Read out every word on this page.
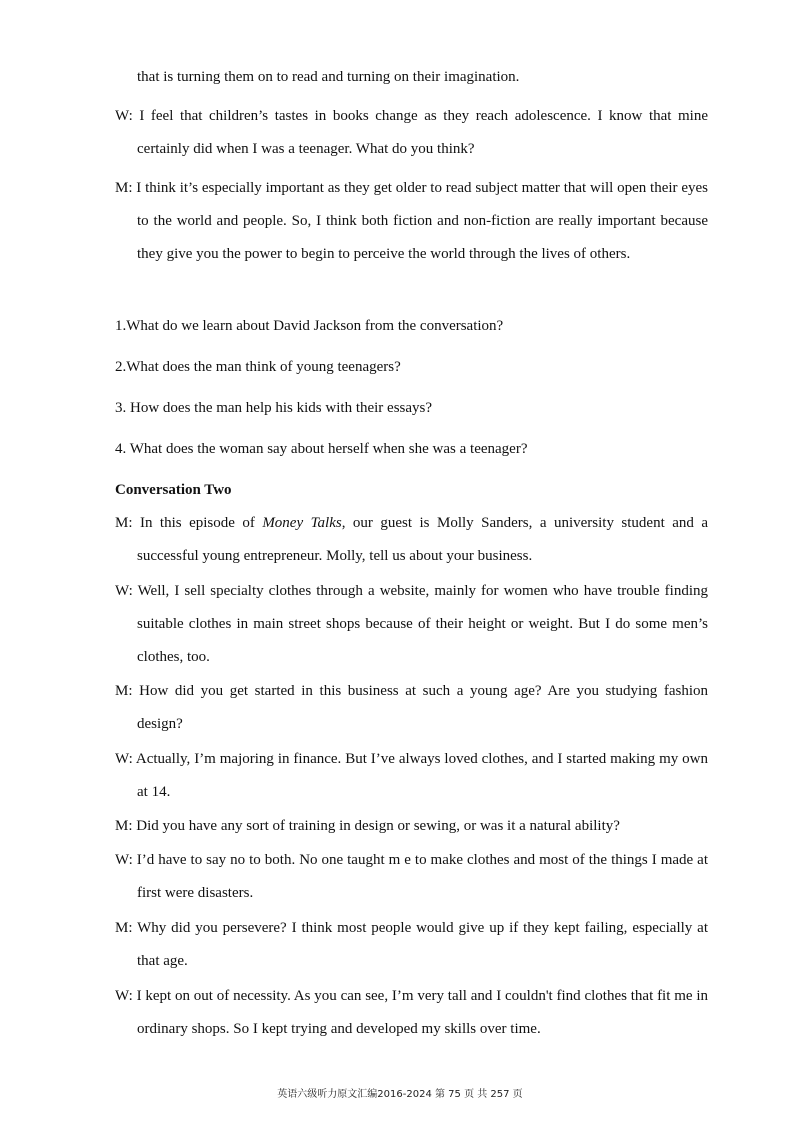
that is turning them on to read and turning on their imagination.

W: I feel that children’s tastes in books change as they reach adolescence. I know that mine certainly did when I was a teenager. What do you think?

M: I think it’s especially important as they get older to read subject matter that will open their eyes to the world and people. So, I think both fiction and non-fiction are really important because they give you the power to begin to perceive the world through the lives of others.

1.What do we learn about David Jackson from the conversation?

2.What does the man think of young teenagers?

3. How does the man help his kids with their essays?

4. What does the woman say about herself when she was a teenager?

Conversation Two

M: In this episode of Money Talks, our guest is Molly Sanders, a university student and a successful young entrepreneur. Molly, tell us about your business.

W: Well, I sell specialty clothes through a website, mainly for women who have trouble finding suitable clothes in main street shops because of their height or weight. But I do some men’s clothes, too.

M: How did you get started in this business at such a young age? Are you studying fashion design?

W: Actually, I’m majoring in finance. But I’ve always loved clothes, and I started making my own at 14.

M: Did you have any sort of training in design or sewing, or was it a natural ability?

W: I’d have to say no to both. No one taught m e to make clothes and most of the things I made at first were disasters.

M: Why did you persevere? I think most people would give up if they kept failing, especially at that age.

W: I kept on out of necessity. As you can see, I’m very tall and I couldn't find clothes that fit me in ordinary shops. So I kept trying and developed my skills over time.

英语六级听力原文汇编2016-2024 第 75 页 共 257 页
